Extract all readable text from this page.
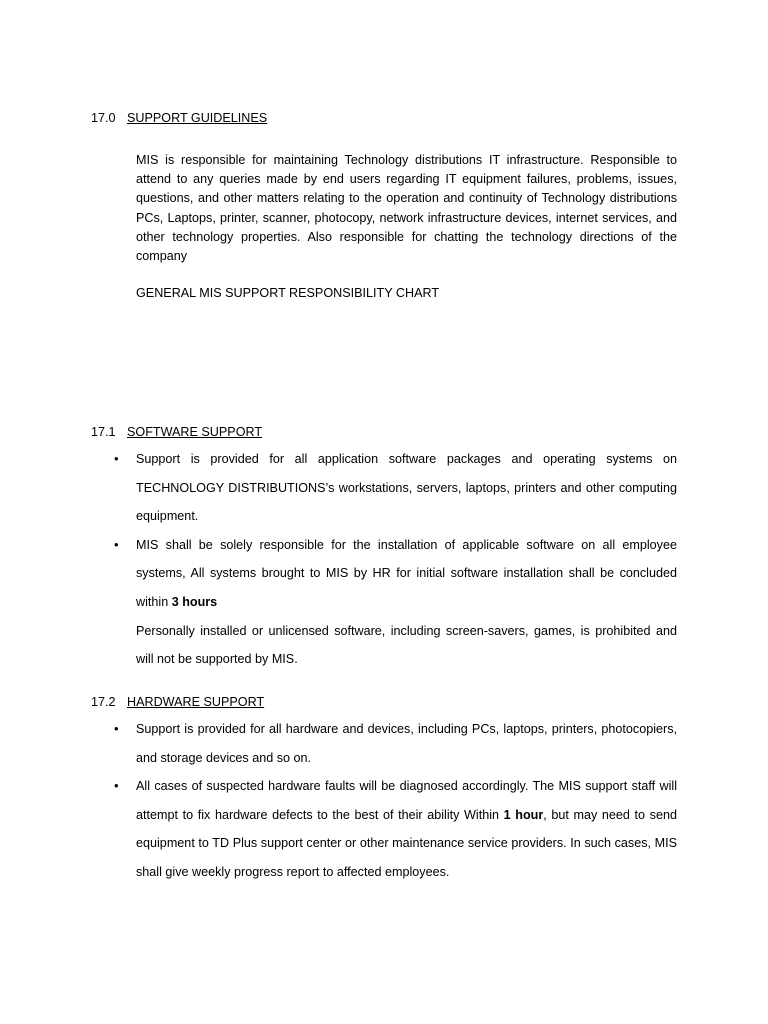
17.0 SUPPORT GUIDELINES

MIS is responsible for maintaining Technology distributions IT infrastructure. Responsible to attend to any queries made by end users regarding IT equipment failures, problems, issues, questions, and other matters relating to the operation and continuity of Technology distributions PCs, Laptops, printer, scanner, photocopy, network infrastructure devices, internet services, and other technology properties. Also responsible for chatting the technology directions of the company

GENERAL MIS SUPPORT RESPONSIBILITY CHART
17.1 SOFTWARE SUPPORT

• Support is provided for all application software packages and operating systems on TECHNOLOGY DISTRIBUTIONS’s workstations, servers, laptops, printers and other computing equipment.

• MIS shall be solely responsible for the installation of applicable software on all employee systems, All systems brought to MIS by HR for initial software installation shall be concluded within 3 hours

Personally installed or unlicensed software, including screen-savers, games, is prohibited and will not be supported by MIS.

17.2 HARDWARE SUPPORT

• Support is provided for all hardware and devices, including PCs, laptops, printers, photocopiers, and storage devices and so on.

• All cases of suspected hardware faults will be diagnosed accordingly. The MIS support staff will attempt to fix hardware defects to the best of their ability Within 1 hour, but may need to send equipment to TD Plus support center or other maintenance service providers. In such cases, MIS shall give weekly progress report to affected employees.
